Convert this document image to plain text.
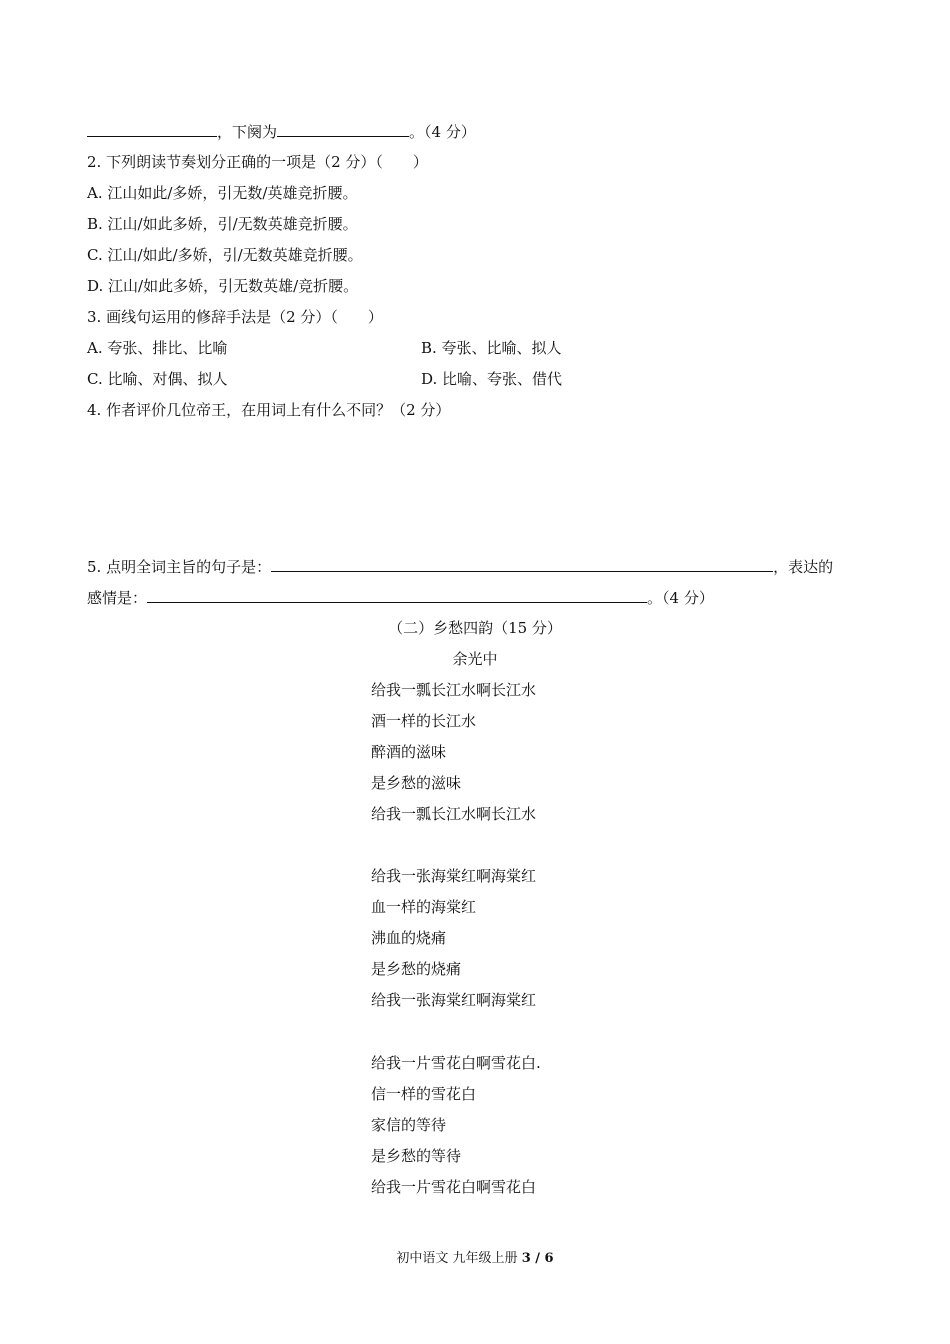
，下阕为	。（4 分）
2. 下列朗读节奏划分正确的一项是（2 分）（　　）
A. 江山如此/多娇，引无数/英雄竞折腰。
B. 江山/如此多娇，引/无数英雄竞折腰。
C. 江山/如此/多娇，引/无数英雄竞折腰。
D. 江山/如此多娇，引无数英雄/竞折腰。
3. 画线句运用的修辞手法是（2 分）（　　）
A. 夸张、排比、比喻	B. 夸张、比喻、拟人
C. 比喻、对偶、拟人	D. 比喻、夸张、借代
4. 作者评价几位帝王，在用词上有什么不同？（2 分）
5. 点明全词主旨的句子是：	，表达的
感情是：	。（4 分）
（二）乡愁四韵（15 分）
余光中
给我一瓢长江水啊长江水
酒一样的长江水
醉酒的滋味
是乡愁的滋味
给我一瓢长江水啊长江水
给我一张海棠红啊海棠红
血一样的海棠红
沸血的烧痛
是乡愁的烧痛
给我一张海棠红啊海棠红
给我一片雪花白啊雪花白.
信一样的雪花白
家信的等待
是乡愁的等待
给我一片雪花白啊雪花白
初中语文 九年级上册 3 / 6
